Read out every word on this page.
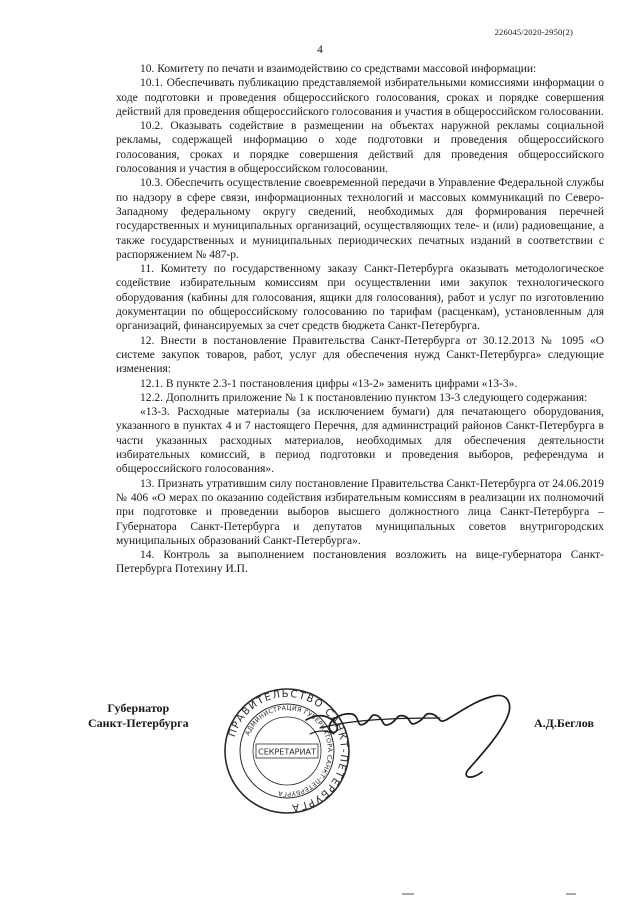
226045/2020-2950(2)
4

10. Комитету по печати и взаимодействию со средствами массовой информации:

10.1. Обеспечивать публикацию представляемой избирательными комиссиями информации о ходе подготовки и проведения общероссийского голосования, сроках и порядке совершения действий для проведения общероссийского голосования и участия в общероссийском голосовании.

10.2. Оказывать содействие в размещении на объектах наружной рекламы социальной рекламы, содержащей информацию о ходе подготовки и проведения общероссийского голосования, сроках и порядке совершения действий для проведения общероссийского голосования и участия в общероссийском голосовании.

10.3. Обеспечить осуществление своевременной передачи в Управление Федеральной службы по надзору в сфере связи, информационных технологий и массовых коммуникаций по Северо-Западному федеральному округу сведений, необходимых для формирования перечней государственных и муниципальных организаций, осуществляющих теле- и (или) радиовещание, а также государственных и муниципальных периодических печатных изданий в соответствии с распоряжением № 487-р.

11. Комитету по государственному заказу Санкт-Петербурга оказывать методологическое содействие избирательным комиссиям при осуществлении ими закупок технологического оборудования (кабины для голосования, ящики для голосования), работ и услуг по изготовлению документации по общероссийскому голосованию по тарифам (расценкам), установленным для организаций, финансируемых за счет средств бюджета Санкт-Петербурга.

12. Внести в постановление Правительства Санкт-Петербурга от 30.12.2013 № 1095 «О системе закупок товаров, работ, услуг для обеспечения нужд Санкт-Петербурга» следующие изменения:

12.1. В пункте 2.3-1 постановления цифры «13-2» заменить цифрами «13-3».

12.2. Дополнить приложение № 1 к постановлению пунктом 13-3 следующего содержания:

«13-3. Расходные материалы (за исключением бумаги) для печатающего оборудования, указанного в пунктах 4 и 7 настоящего Перечня, для администраций районов Санкт-Петербурга в части указанных расходных материалов, необходимых для обеспечения деятельности избирательных комиссий, в период подготовки и проведения выборов, референдума и общероссийского голосования».

13. Признать утратившим силу постановление Правительства Санкт-Петербурга от 24.06.2019 № 406 «О мерах по оказанию содействия избирательным комиссиям в реализации их полномочий при подготовке и проведении выборов высшего должностного лица Санкт-Петербурга – Губернатора Санкт-Петербурга и депутатов муниципальных советов внутригородских муниципальных образований Санкт-Петербурга».

14. Контроль за выполнением постановления возложить на вице-губернатора Санкт-Петербурга Потехину И.П.

Губернатор
Санкт-Петербурга
ПРАВИТЕЛЬСТВО САНКТ-ПЕТЕРБУРГА
АДМИНИСТРАЦИЯ ГУБЕРНАТОРА САНКТ-ПЕТЕРБУРГА
СЕКРЕТАРИАТ
А.Д.Беглов
